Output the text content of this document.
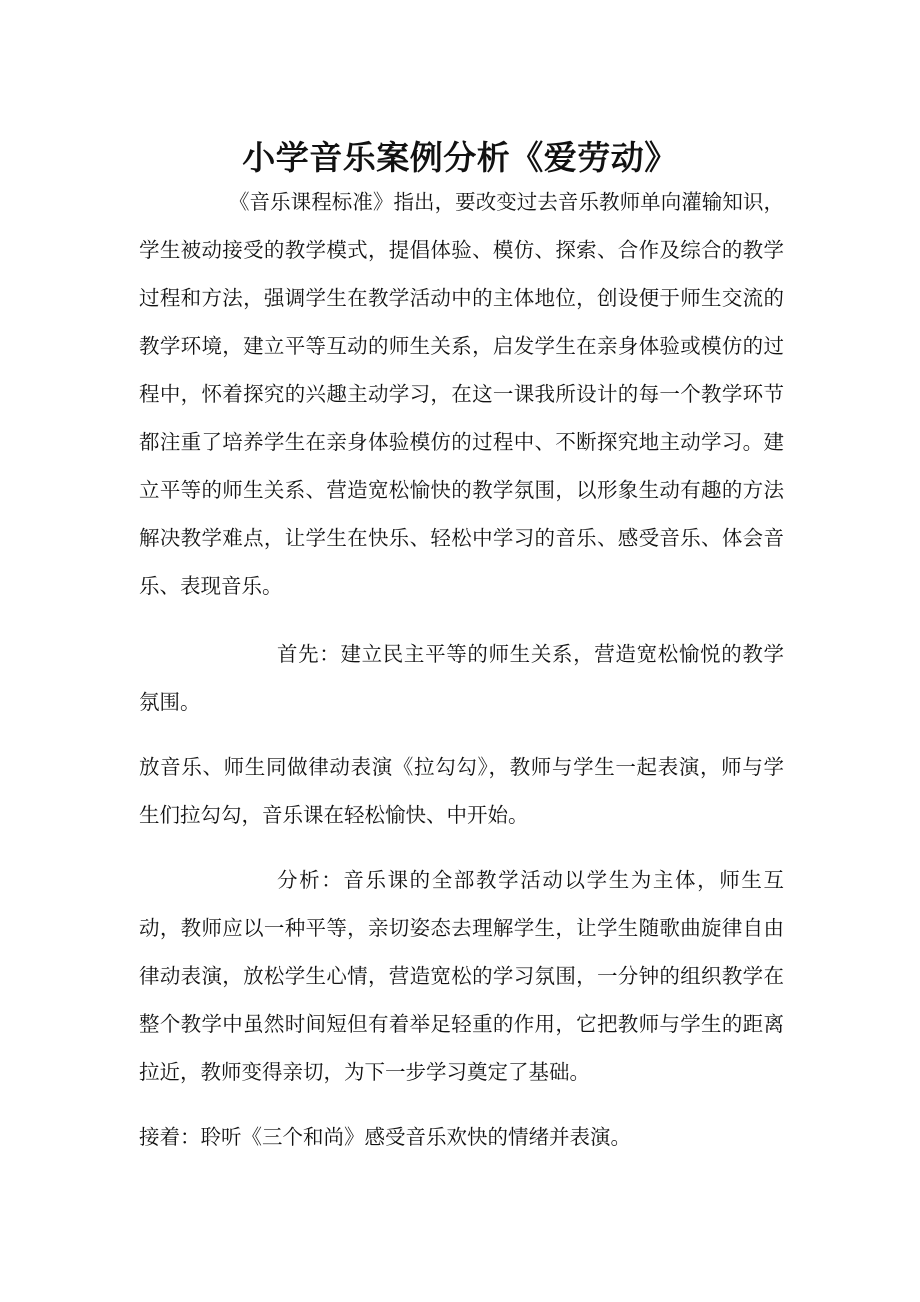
小学音乐案例分析《爱劳动》

《音乐课程标准》指出，要改变过去音乐教师单向灌输知识，学生被动接受的教学模式，提倡体验、模仿、探索、合作及综合的教学过程和方法，强调学生在教学活动中的主体地位，创设便于师生交流的教学环境，建立平等互动的师生关系，启发学生在亲身体验或模仿的过程中，怀着探究的兴趣主动学习，在这一课我所设计的每一个教学环节都注重了培养学生在亲身体验模仿的过程中、不断探究地主动学习。建立平等的师生关系、营造宽松愉快的教学氛围，以形象生动有趣的方法解决教学难点，让学生在快乐、轻松中学习的音乐、感受音乐、体会音乐、表现音乐。

首先：建立民主平等的师生关系，营造宽松愉悦的教学氛围。

放音乐、师生同做律动表演《拉勾勾》，教师与学生一起表演，师与学生们拉勾勾，音乐课在轻松愉快、中开始。

分析：音乐课的全部教学活动以学生为主体，师生互动，教师应以一种平等，亲切姿态去理解学生，让学生随歌曲旋律自由律动表演，放松学生心情，营造宽松的学习氛围，一分钟的组织教学在整个教学中虽然时间短但有着举足轻重的作用，它把教师与学生的距离拉近，教师变得亲切，为下一步学习奠定了基础。

接着：聆听《三个和尚》感受音乐欢快的情绪并表演。
